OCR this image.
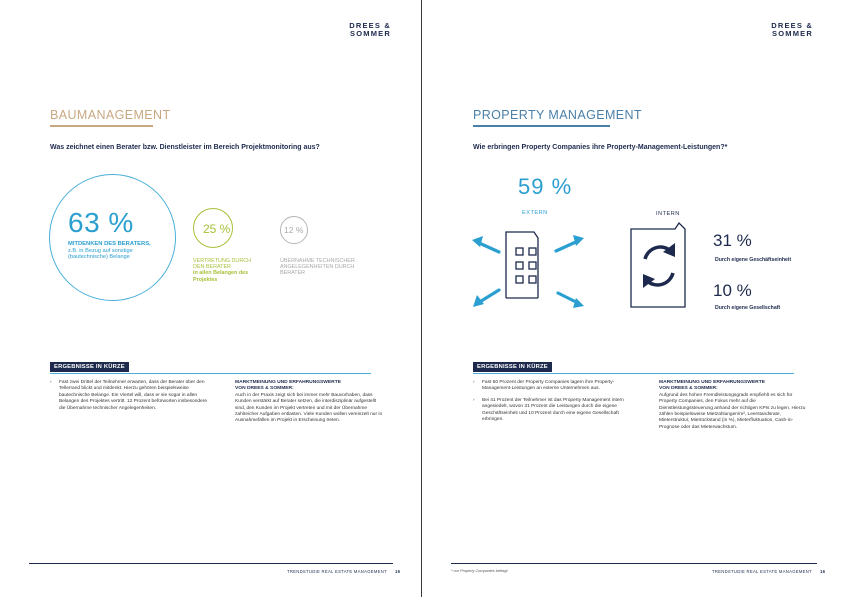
DREES &
SOMMER
BAUMANAGEMENT
Was zeichnet einen Berater bzw. Dienstleister im Bereich Projektmonitoring aus?
63 %
MITDENKEN DES BERATERS,
z.B. in Bezug auf sonstige
(bautechnische) Belange
25 %
VERTRETUNG DURCH
DEN BERATER
in allen Belangen des
Projektes
12 %
ÜBERNAHME TECHNISCHER
ANGELEGENHEITEN DURCH
BERATER
ERGEBNISSE IN KÜRZE
› Fast zwei Drittel der Teilnehmer erwarten, dass der Berater über den Tellerrand blickt und mitdenkt. Hierzu gehören beispielsweise bautechnische Belange. Ein Viertel will, dass er sie sogar in allen Belangen des Projektes vertritt. 12 Prozent befürworten insbesondere die Übernahme technischer Angelegenheiten.
MARKTMEINUNG UND ERFAHRUNGSWERTE
VON DREES & SOMMER:
Auch in der Praxis zeigt sich bei immer mehr Bauvorhaben, dass Kunden verstärkt auf Berater setzen, die interdisziplinär aufgestellt sind, den Kunden im Projekt vertreten und mit der Übernahme zahlreicher Aufgaben entlasten. Viele Kunden wollen vereinzelt nur in Ausnahmefällen im Projekt in Erscheinung treten.
TRENDSTUDIE REAL ESTATE MANAGEMENT 15
DREES &
SOMMER
PROPERTY MANAGEMENT
Wie erbringen Property Companies ihre Property-Management-Leistungen?*
59 %
EXTERN	INTERN
31 %
Durch eigene Geschäftseinheit
10 %
Durch eigene Gesellschaft
ERGEBNISSE IN KÜRZE
› Fast 60 Prozent der Property Companies lagern ihre Property-Management-Leistungen an externe Unternehmen aus.
› Bei 41 Prozent der Teilnehmer ist das Property Management intern angesiedelt, wovon 31 Prozent die Leistungen durch die eigene Geschäftseinheit und 10 Prozent durch eine eigene Gesellschaft erbringen.
MARKTMEINUNG UND ERFAHRUNGSWERTE
VON DREES & SOMMER:
Aufgrund des hohen Fremdleistungsgrads empfiehlt es sich für Property Companies, den Fokus mehr auf die Dienstleistungssteuerung anhand der richtigen KPIs zu legen. Hierzu zählen beispielsweise Mietzahlungen/m², Leerstandsrate, Mieterstruktur, Mietrückstand (in %), Mieterfluktuation, Cash-in-Prognose oder das Mieterwachstum.
* nur Property Companies befragt	TRENDSTUDIE REAL ESTATE MANAGEMENT 16
